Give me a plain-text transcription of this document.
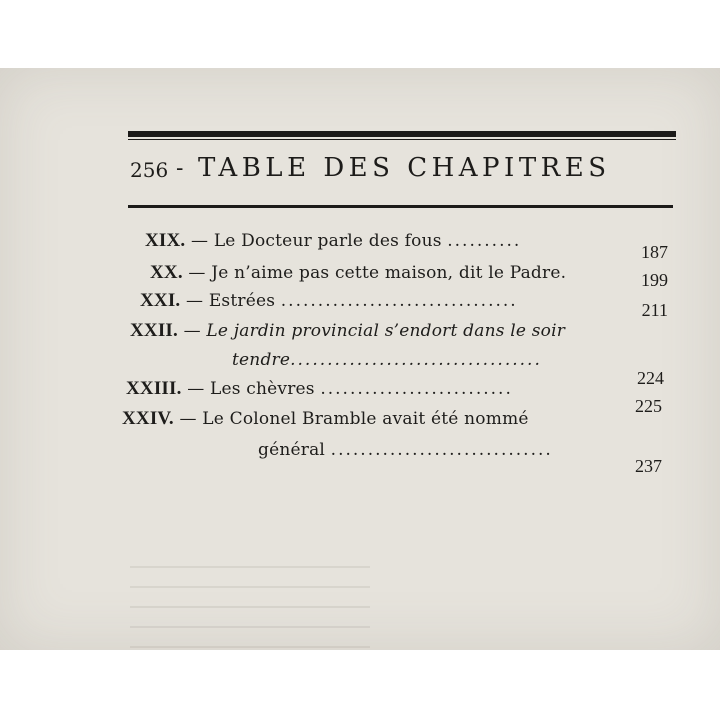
256 - TABLE DES CHAPITRES
XIX. — Le Docteur parle des fous ..........
187
XX. — Je n’aime pas cette maison, dit le Padre.	199
XXI. — Estrées ................................	211
XXII. — Le jardin provincial s’endort dans le soir
tendre..................................
224
XXIII. — Les chèvres ..........................
225
XXIV. — Le Colonel Bramble avait été nommé
général ..............................
237
